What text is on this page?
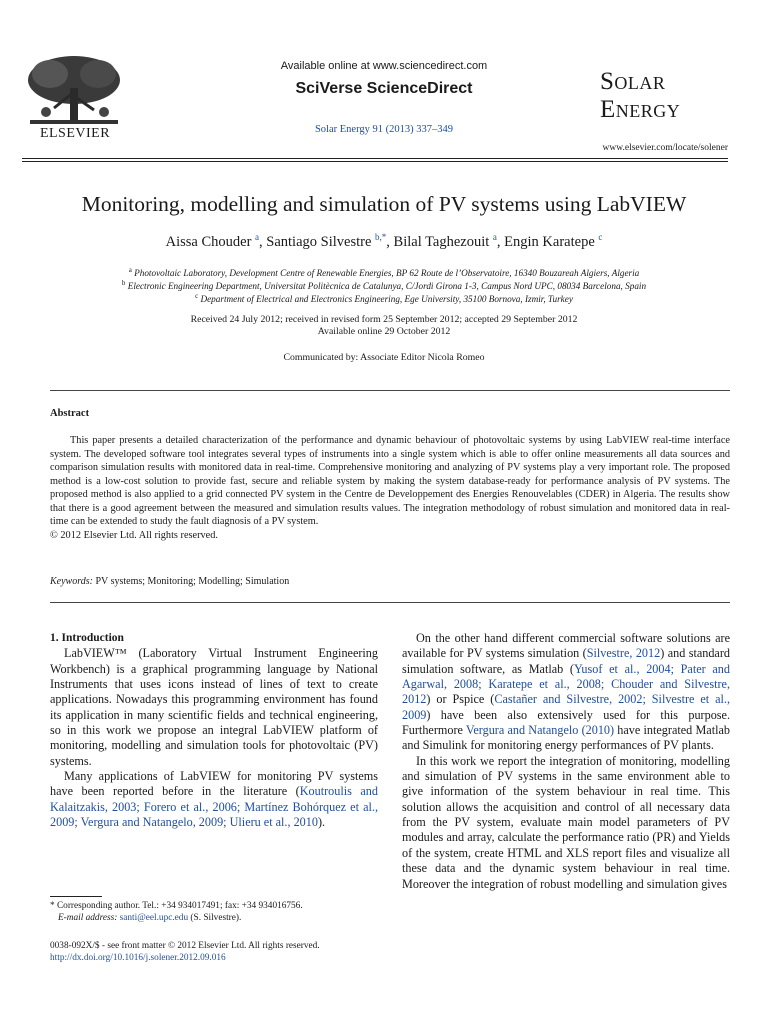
ELSEVIER
Available online at www.sciencedirect.com
SciVerse ScienceDirect
Solar Energy 91 (2013) 337–349
Solar
Energy
www.elsevier.com/locate/solener
Monitoring, modelling and simulation of PV systems using LabVIEW
Aissa Chouder $^a$, Santiago Silvestre $^{b,*}$, Bilal Taghezouit $^a$, Engin Karatepe $^c$
$^a$ Photovoltaic Laboratory, Development Centre of Renewable Energies, BP 62 Route de l’Observatoire, 16340 Bouzareah Algiers, Algeria
$^b$ Electronic Engineering Department, Universitat Politècnica de Catalunya, C/Jordi Girona 1-3, Campus Nord UPC, 08034 Barcelona, Spain
$^c$ Department of Electrical and Electronics Engineering, Ege University, 35100 Bornova, Izmir, Turkey
Received 24 July 2012; received in revised form 25 September 2012; accepted 29 September 2012
Available online 29 October 2012
Communicated by: Associate Editor Nicola Romeo
Abstract

This paper presents a detailed characterization of the performance and dynamic behaviour of photovoltaic systems by using LabVIEW real-time interface system. The developed software tool integrates several types of instruments into a single system which is able to offer online measurements all data sources and comparison simulation results with monitored data in real-time. Comprehensive monitoring and analyzing of PV systems play a very important role. The proposed method is a low-cost solution to provide fast, secure and reliable system by making the system database-ready for performance analysis of PV systems. The proposed method is also applied to a grid connected PV system in the Centre de Developpement des Energies Renouvelables (CDER) in Algeria. The results show that there is a good agreement between the measured and simulation results values. The integration methodology of robust simulation and monitored data in real-time can be extended to study the fault diagnosis of a PV system.

© 2012 Elsevier Ltd. All rights reserved.

Keywords: PV systems; Monitoring; Modelling; Simulation

1. Introduction

LabVIEW™ (Laboratory Virtual Instrument Engineering Workbench) is a graphical programming language by National Instruments that uses icons instead of lines of text to create applications. Nowadays this programming environment has found its application in many scientific fields and technical engineering, so in this work we propose an integral LabVIEW platform of monitoring, modelling and simulation tools for photovoltaic (PV) systems.

Many applications of LabVIEW for monitoring PV systems have been reported before in the literature (Koutroulis and Kalaitzakis, 2003; Forero et al., 2006; Martínez Bohórquez et al., 2009; Vergura and Natangelo, 2009; Ulieru et al., 2010).

On the other hand different commercial software solutions are available for PV systems simulation (Silvestre, 2012) and standard simulation software, as Matlab (Yusof et al., 2004; Pater and Agarwal, 2008; Karatepe et al., 2008; Chouder and Silvestre, 2012) or Pspice (Castañer and Silvestre, 2002; Silvestre et al., 2009) have been also extensively used for this purpose. Furthermore Vergura and Natangelo (2010) have integrated Matlab and Simulink for monitoring energy performances of PV plants.

In this work we report the integration of monitoring, modelling and simulation of PV systems in the same environment able to give information of the system behaviour in real time. This solution allows the acquisition and control of all necessary data from the PV system, evaluate main model parameters of PV modules and array, calculate the performance ratio (PR) and Yields of the system, create HTML and XLS report files and visualize all these data and the dynamic system behaviour in real time. Moreover the integration of robust modelling and simulation gives

* Corresponding author. Tel.: +34 934017491; fax: +34 934016756.

E-mail address: santi@eel.upc.edu (S. Silvestre).

0038-092X/$ - see front matter © 2012 Elsevier Ltd. All rights reserved.

http://dx.doi.org/10.1016/j.solener.2012.09.016
